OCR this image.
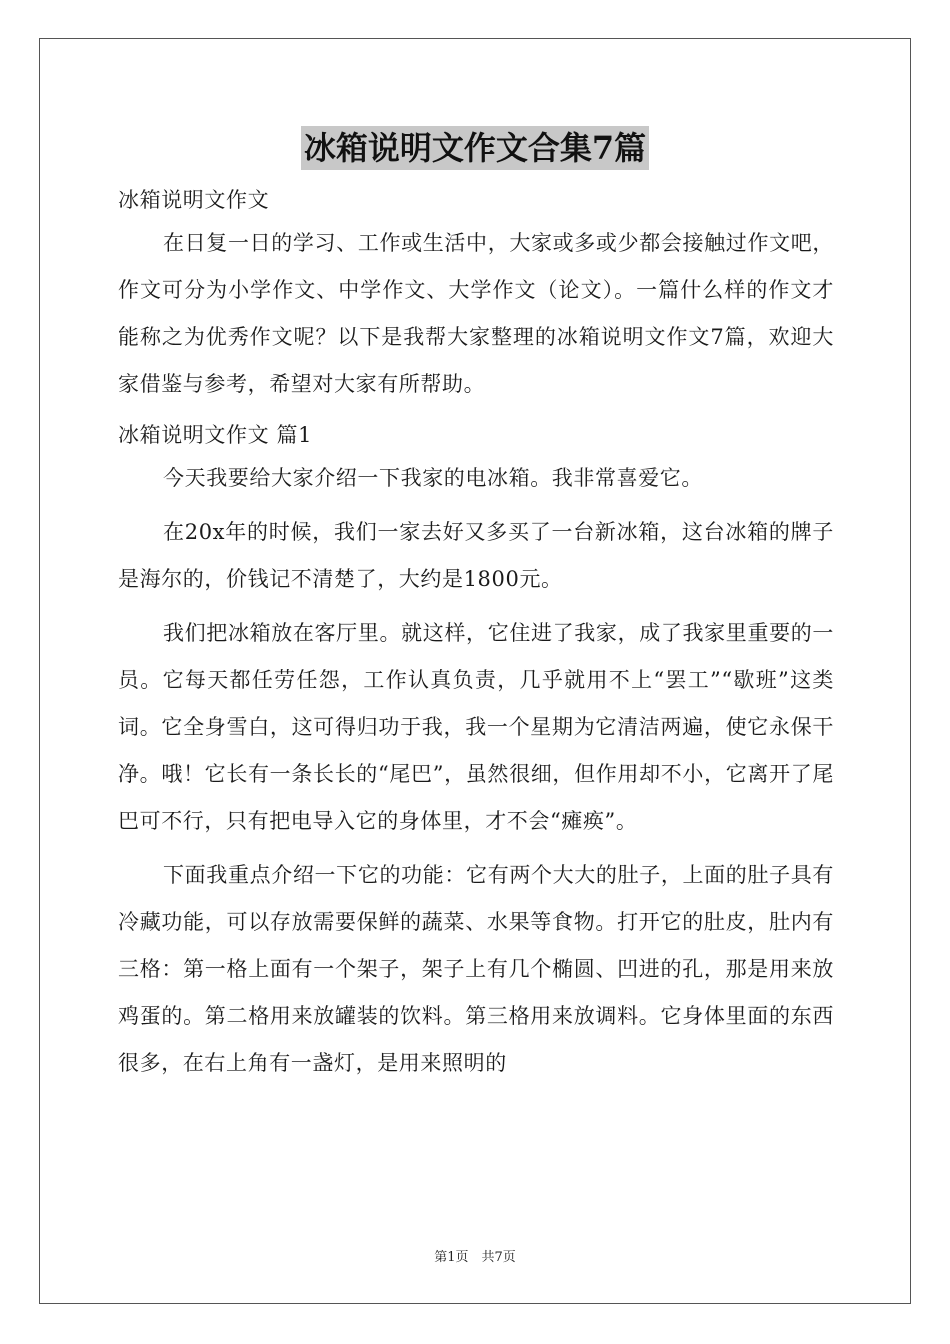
冰箱说明文作文合集7篇

冰箱说明文作文

在日复一日的学习、工作或生活中，大家或多或少都会接触过作文吧，作文可分为小学作文、中学作文、大学作文（论文）。一篇什么样的作文才能称之为优秀作文呢？以下是我帮大家整理的冰箱说明文作文7篇，欢迎大家借鉴与参考，希望对大家有所帮助。

冰箱说明文作文 篇1

今天我要给大家介绍一下我家的电冰箱。我非常喜爱它。

在20x年的时候，我们一家去好又多买了一台新冰箱，这台冰箱的牌子是海尔的，价钱记不清楚了，大约是1800元。

我们把冰箱放在客厅里。就这样，它住进了我家，成了我家里重要的一员。它每天都任劳任怨，工作认真负责，几乎就用不上“罢工”“歇班”这类词。它全身雪白，这可得归功于我，我一个星期为它清洁两遍，使它永保干净。哦！它长有一条长长的“尾巴”，虽然很细，但作用却不小，它离开了尾巴可不行，只有把电导入它的身体里，才不会“瘫痪”。

下面我重点介绍一下它的功能：它有两个大大的肚子，上面的肚子具有冷藏功能，可以存放需要保鲜的蔬菜、水果等食物。打开它的肚皮，肚内有三格：第一格上面有一个架子，架子上有几个椭圆、凹进的孔，那是用来放鸡蛋的。第二格用来放罐装的饮料。第三格用来放调料。它身体里面的东西很多，在右上角有一盏灯，是用来照明的

第1页　共7页
